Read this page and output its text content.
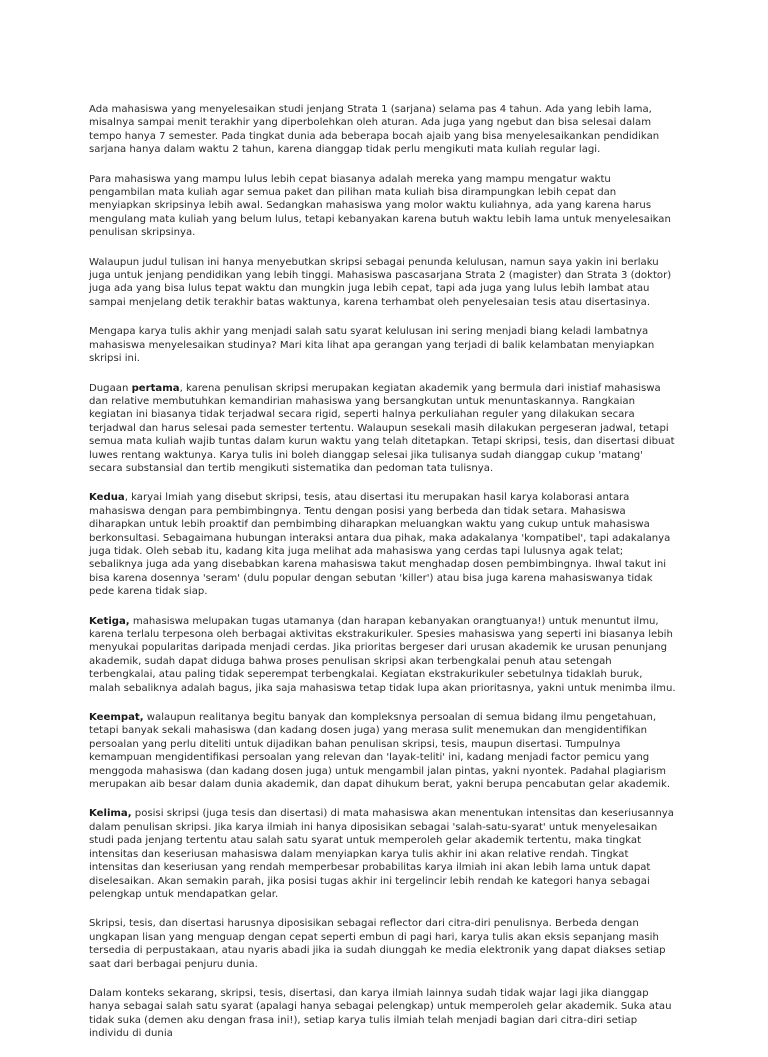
Ada mahasiswa yang menyelesaikan studi jenjang Strata 1 (sarjana) selama pas 4 tahun. Ada yang lebih lama, misalnya sampai menit terakhir yang diperbolehkan oleh aturan. Ada juga yang ngebut dan bisa selesai dalam tempo hanya 7 semester. Pada tingkat dunia ada beberapa bocah ajaib yang bisa menyelesaikankan pendidikan sarjana hanya dalam waktu 2 tahun, karena dianggap tidak perlu mengikuti mata kuliah regular lagi.

Para mahasiswa yang mampu lulus lebih cepat biasanya adalah mereka yang mampu mengatur waktu pengambilan mata kuliah agar semua paket dan pilihan mata kuliah bisa dirampungkan lebih cepat dan menyiapkan skripsinya lebih awal. Sedangkan mahasiswa yang molor waktu kuliahnya, ada yang karena harus mengulang mata kuliah yang belum lulus, tetapi kebanyakan karena butuh waktu lebih lama untuk menyelesaikan penulisan skripsinya.

Walaupun judul tulisan ini hanya menyebutkan skripsi sebagai penunda kelulusan, namun saya yakin ini berlaku juga untuk jenjang pendidikan yang lebih tinggi. Mahasiswa pascasarjana Strata 2 (magister) dan Strata 3 (doktor) juga ada yang bisa lulus tepat waktu dan mungkin juga lebih cepat, tapi ada juga yang lulus lebih lambat atau sampai menjelang detik terakhir batas waktunya, karena terhambat oleh penyelesaian tesis atau disertasinya.

Mengapa karya tulis akhir yang menjadi salah satu syarat kelulusan ini sering menjadi biang keladi lambatnya mahasiswa menyelesaikan studinya? Mari kita lihat apa gerangan yang terjadi di balik kelambatan menyiapkan skripsi ini.

Dugaan pertama, karena penulisan skripsi merupakan kegiatan akademik yang bermula dari inistiaf mahasiswa dan relative membutuhkan kemandirian mahasiswa yang bersangkutan untuk menuntaskannya. Rangkaian kegiatan ini biasanya tidak terjadwal secara rigid, seperti halnya perkuliahan reguler yang dilakukan secara terjadwal dan harus selesai pada semester tertentu. Walaupun sesekali masih dilakukan pergeseran jadwal, tetapi semua mata kuliah wajib tuntas dalam kurun waktu yang telah ditetapkan. Tetapi skripsi, tesis, dan disertasi dibuat luwes rentang waktunya. Karya tulis ini boleh dianggap selesai jika tulisanya sudah dianggap cukup 'matang' secara substansial dan tertib mengikuti sistematika dan pedoman tata tulisnya.

Kedua, karyai lmiah yang disebut skripsi, tesis, atau disertasi itu merupakan hasil karya kolaborasi antara mahasiswa dengan para pembimbingnya. Tentu dengan posisi yang berbeda dan tidak setara. Mahasiswa diharapkan untuk lebih proaktif dan pembimbing diharapkan meluangkan waktu yang cukup untuk mahasiswa berkonsultasi. Sebagaimana hubungan interaksi antara dua pihak, maka adakalanya 'kompatibel', tapi adakalanya juga tidak. Oleh sebab itu, kadang kita juga melihat ada mahasiswa yang cerdas tapi lulusnya agak telat; sebaliknya juga ada yang disebabkan karena mahasiswa takut menghadap dosen pembimbingnya. Ihwal takut ini bisa karena dosennya 'seram' (dulu popular dengan sebutan 'killer') atau bisa juga karena mahasiswanya tidak pede karena tidak siap.

Ketiga, mahasiswa melupakan tugas utamanya (dan harapan kebanyakan orangtuanya!) untuk menuntut ilmu, karena terlalu terpesona oleh berbagai aktivitas ekstrakurikuler. Spesies mahasiswa yang seperti ini biasanya lebih menyukai popularitas daripada menjadi cerdas. Jika prioritas bergeser dari urusan akademik ke urusan penunjang akademik, sudah dapat diduga bahwa proses penulisan skripsi akan terbengkalai penuh atau setengah terbengkalai, atau paling tidak seperempat terbengkalai. Kegiatan ekstrakurikuler sebetulnya tidaklah buruk, malah sebaliknya adalah bagus, jika saja mahasiswa tetap tidak lupa akan prioritasnya, yakni untuk menimba ilmu.

Keempat, walaupun realitanya begitu banyak dan kompleksnya persoalan di semua bidang ilmu pengetahuan, tetapi banyak sekali mahasiswa (dan kadang dosen juga) yang merasa sulit menemukan dan mengidentifikan persoalan yang perlu diteliti untuk dijadikan bahan penulisan skripsi, tesis, maupun disertasi. Tumpulnya kemampuan mengidentifikasi persoalan yang relevan dan 'layak-teliti' ini, kadang menjadi factor pemicu yang menggoda mahasiswa (dan kadang dosen juga) untuk mengambil jalan pintas, yakni nyontek. Padahal plagiarism merupakan aib besar dalam dunia akademik, dan dapat dihukum berat, yakni berupa pencabutan gelar akademik.

Kelima, posisi skripsi (juga tesis dan disertasi) di mata mahasiswa akan menentukan intensitas dan keseriusannya dalam penulisan skripsi. Jika karya ilmiah ini hanya diposisikan sebagai 'salah-satu-syarat' untuk menyelesaikan studi pada jenjang tertentu atau salah satu syarat untuk memperoleh gelar akademik tertentu, maka tingkat intensitas dan keseriusan mahasiswa dalam menyiapkan karya tulis akhir ini akan relative rendah. Tingkat intensitas dan keseriusan yang rendah memperbesar probabilitas karya ilmiah ini akan lebih lama untuk dapat diselesaikan. Akan semakin parah, jika posisi tugas akhir ini tergelincir lebih rendah ke kategori hanya sebagai pelengkap untuk mendapatkan gelar.

Skripsi, tesis, dan disertasi harusnya diposisikan sebagai reflector dari citra-diri penulisnya. Berbeda dengan ungkapan lisan yang menguap dengan cepat seperti embun di pagi hari, karya tulis akan eksis sepanjang masih tersedia di perpustakaan, atau nyaris abadi jika ia sudah diunggah ke media elektronik yang dapat diakses setiap saat dari berbagai penjuru dunia.

Dalam konteks sekarang, skripsi, tesis, disertasi, dan karya ilmiah lainnya sudah tidak wajar lagi jika dianggap hanya sebagai salah satu syarat (apalagi hanya sebagai pelengkap) untuk memperoleh gelar akademik. Suka atau tidak suka (demen aku dengan frasa ini!), setiap karya tulis ilmiah telah menjadi bagian dari citra-diri setiap individu di dunia
